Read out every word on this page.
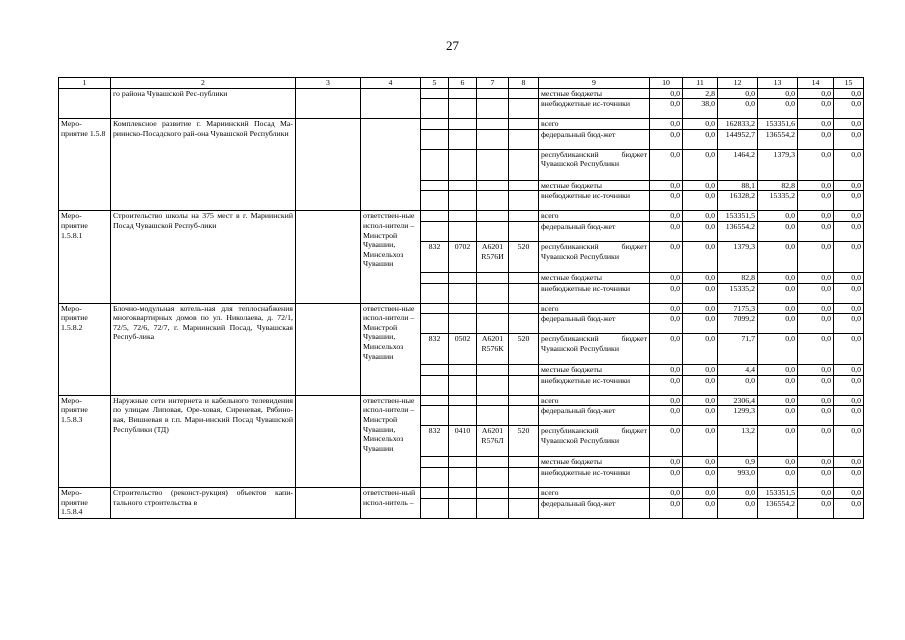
27
1	2	3	4	5	6	7	8	9	10	11	12	13	14	15
	го района Чувашской Рес-публики							местные бюджеты	0,0	2,8	0,0	0,0	0,0	0,0
								внебюджетные ис-точники	0,0	38,0	0,0	0,0	0,0	0,0
Меро-приятие 1.5.8	Комплексное развитие г. Мариинский Посад Ма-риинско-Посадского рай-она Чувашской Республики							всего	0,0	0,0	162833,2	153351,6	0,0	0,0
								федеральный бюд-жет	0,0	0,0	144952,7	136554,2	0,0	0,0
								республиканский бюджет Чувашской Республики	0,0	0,0	1464,2	1379,3	0,0	0,0
								местные бюджеты	0,0	0,0	88,1	82,8	0,0	0,0
								внебюджетные ис-точники	0,0	0,0	16328,2	15335,2	0,0	0,0
Меро-приятие 1.5.8.1	Строительство школы на 375 мест в г. Мариинский Посад Чувашской Респуб-лики		ответствен-ные испол-нители – Минстрой Чувашии, Минсельхоз Чувашии					всего	0,0	0,0	153351,5	0,0	0,0	0,0
								федеральный бюд-жет	0,0	0,0	136554,2	0,0	0,0	0,0
				832	0702	A6201 R576И	520	республиканский бюджет Чувашской Республики	0,0	0,0	1379,3	0,0	0,0	0,0
								местные бюджеты	0,0	0,0	82,8	0,0	0,0	0,0
								внебюджетные ис-точники	0,0	0,0	15335,2	0,0	0,0	0,0
Меро-приятие 1.5.8.2	Блочно-модульная котель-ная для теплоснабжения многоквартирных домов по ул. Николаева, д. 72/1, 72/5, 72/6, 72/7, г. Мариинский Посад, Чувашская Респуб-лика		ответствен-ные испол-нители – Минстрой Чувашии, Минсельхоз Чувашии					всего	0,0	0,0	7175,3	0,0	0,0	0,0
								федеральный бюд-жет	0,0	0,0	7099,2	0,0	0,0	0,0
				832	0502	A6201 R576К	520	республиканский бюджет Чувашской Республики	0,0	0,0	71,7	0,0	0,0	0,0
								местные бюджеты	0,0	0,0	4,4	0,0	0,0	0,0
								внебюджетные ис-точники	0,0	0,0	0,0	0,0	0,0	0,0
Меро-приятие 1.5.8.3	Наружные сети интернета и кабельного телевидения по улицам Липовая, Оре-ховая, Сиреневая, Рябино-вая, Вишневая в г.п. Мари-инский Посад Чувашской Республики (ТД)		ответствен-ные испол-нители – Минстрой Чувашии, Минсельхоз Чувашии					всего	0,0	0,0	2306,4	0,0	0,0	0,0
								федеральный бюд-жет	0,0	0,0	1299,3	0,0	0,0	0,0
				832	0410	A6201 R576Л	520	республиканский бюджет Чувашской Республики	0,0	0,0	13,2	0,0	0,0	0,0
								местные бюджеты	0,0	0,0	0,9	0,0	0,0	0,0
								внебюджетные ис-точники	0,0	0,0	993,0	0,0	0,0	0,0
Меро-приятие 1.5.8.4	Строительство (реконст-рукция) объектов капи-тального строительства в		ответствен-ный испол-нитель –					всего	0,0	0,0	0,0	153351,5	0,0	0,0
								федеральный бюд-жет	0,0	0,0	0,0	136554,2	0,0	0,0
